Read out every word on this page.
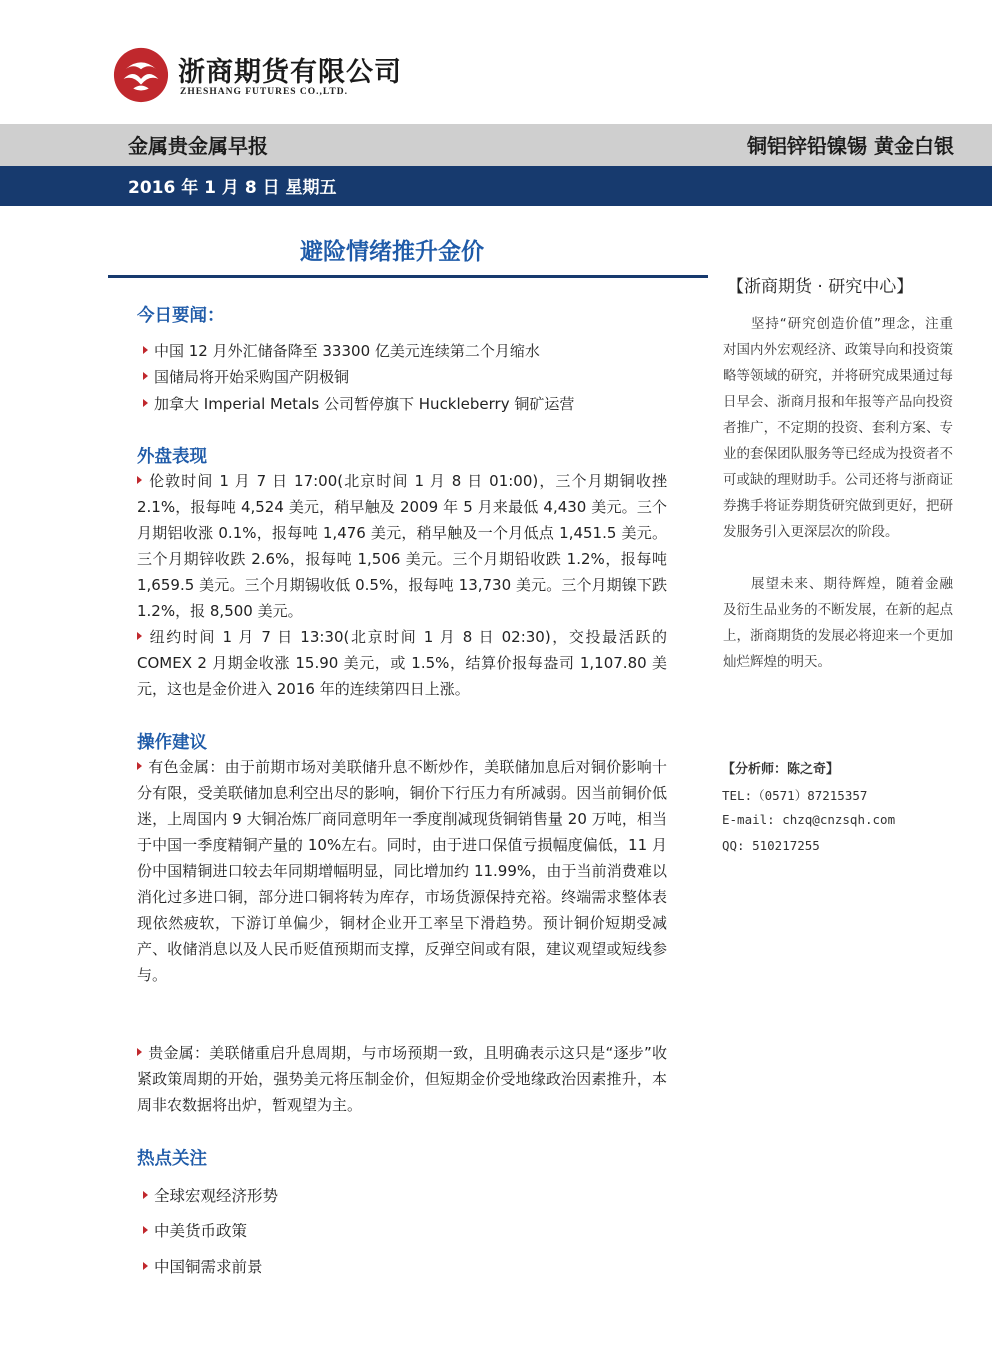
浙商期货有限公司
ZHESHANG FUTURES CO.,LTD.
金属贵金属早报	铜铝锌铅镍锡 黄金白银
2016 年 1 月 8 日 星期五
避险情绪推升金价
今日要闻：
中国 12 月外汇储备降至 33300 亿美元连续第二个月缩水
国储局将开始采购国产阴极铜
加拿大 Imperial Metals 公司暂停旗下 Huckleberry 铜矿运营
外盘表现
伦敦时间 1 月 7 日 17:00(北京时间 1 月 8 日 01:00)，三个月期铜收挫 2.1%，报每吨 4,524 美元，稍早触及 2009 年 5 月来最低 4,430 美元。三个月期铝收涨 0.1%，报每吨 1,476 美元，稍早触及一个月低点 1,451.5 美元。三个月期锌收跌 2.6%，报每吨 1,506 美元。三个月期铅收跌 1.2%，报每吨 1,659.5 美元。三个月期锡收低 0.5%，报每吨 13,730 美元。三个月期镍下跌 1.2%，报 8,500 美元。
纽约时间 1 月 7 日 13:30(北京时间 1 月 8 日 02:30)，交投最活跃的 COMEX 2 月期金收涨 15.90 美元，或 1.5%，结算价报每盎司 1,107.80 美元，这也是金价进入 2016 年的连续第四日上涨。
操作建议
有色金属：由于前期市场对美联储升息不断炒作，美联储加息后对铜价影响十分有限，受美联储加息利空出尽的影响，铜价下行压力有所减弱。因当前铜价低迷，上周国内 9 大铜冶炼厂商同意明年一季度削减现货铜销售量 20 万吨，相当于中国一季度精铜产量的 10%左右。同时，由于进口保值亏损幅度偏低，11 月份中国精铜进口较去年同期增幅明显，同比增加约 11.99%，由于当前消费难以消化过多进口铜，部分进口铜将转为库存，市场货源保持充裕。终端需求整体表现依然疲软，下游订单偏少，铜材企业开工率呈下滑趋势。预计铜价短期受减产、收储消息以及人民币贬值预期而支撑，反弹空间或有限，建议观望或短线参与。
贵金属：美联储重启升息周期，与市场预期一致，且明确表示这只是“逐步”收紧政策周期的开始，强势美元将压制金价，但短期金价受地缘政治因素推升，本周非农数据将出炉，暂观望为主。
热点关注
全球宏观经济形势
中美货币政策
中国铜需求前景
【浙商期货 · 研究中心】
坚持“研究创造价值”理念，注重对国内外宏观经济、政策导向和投资策略等领域的研究，并将研究成果通过每日早会、浙商月报和年报等产品向投资者推广，不定期的投资、套利方案、专业的套保团队服务等已经成为投资者不可或缺的理财助手。公司还将与浙商证券携手将证券期货研究做到更好，把研发服务引入更深层次的阶段。
展望未来、期待辉煌，随着金融及衍生品业务的不断发展，在新的起点上，浙商期货的发展必将迎来一个更加灿烂辉煌的明天。
【分析师：陈之奇】
TEL:（0571）87215357
E-mail: chzq@cnzsqh.com
QQ: 510217255
